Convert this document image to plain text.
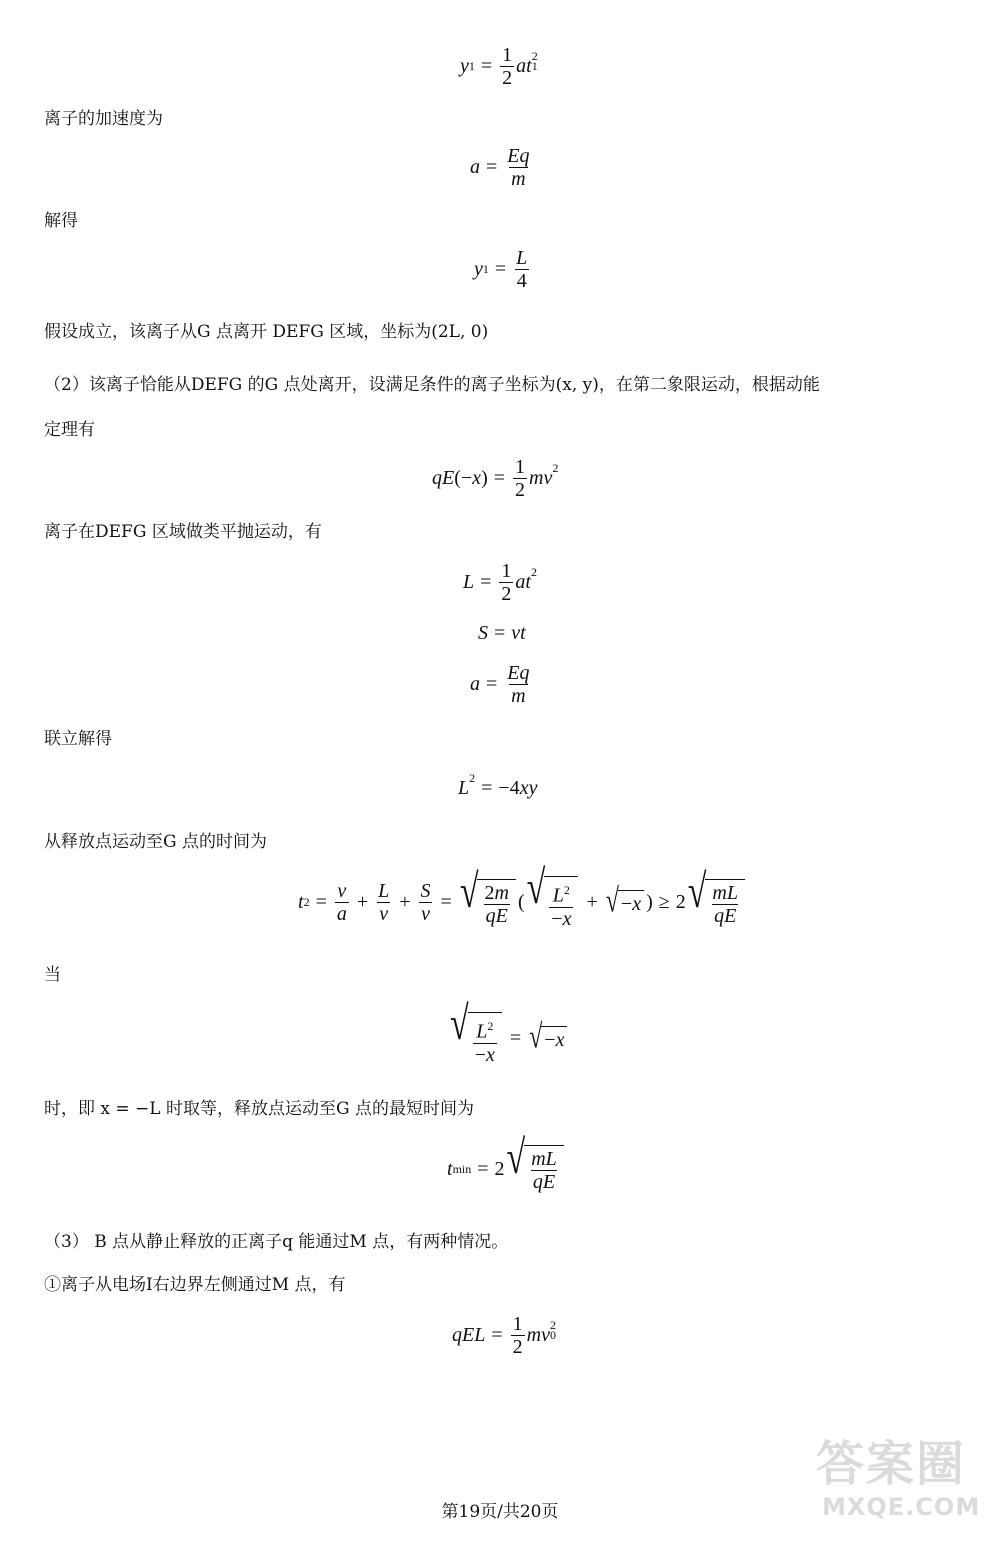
y $1 = \frac{1}{2}$ at 1
$^2$
离子的加速度为
$a = \frac{Eq}{m}$
解得
y $1 = \frac{L}{4}$
假设成立，该离子从G 点离开 DEFG 区域，坐标为(2L, 0)
（2）该离子恰能从DEFG 的G 点处离开，设满足条件的离子坐标为(x, y)，在第二象限运动，根据动能
定理有
qE (− x ) = $\frac{1}{2} mv^2$
离子在DEFG 区域做类平抛运动，有
$L = \frac{1}{2} at^2$
S = vt
$a = \frac{Eq}{m}$
联立解得
$L^2 = -4$ xy
从释放点运动至G 点的时间为
t $2 = \frac{v}{a} + \frac{L}{v} + \frac{S}{v}$ = √ $\frac{2m}{qE}$ ( √ $\frac{L^2}{-x}$ + √ − x ) ≥ 2 √ $\frac{mL}{qE}$
当
√ $\frac{L^2}{-x}$ = √ − x
时，即 x = −L 时取等，释放点运动至G 点的最短时间为
t min = 2 √ $\frac{mL}{qE}$
（3） B 点从静止释放的正离子q 能通过M 点，有两种情况。
①离子从电场Ⅰ右边界左侧通过M 点，有
qEL = $\frac{1}{2}$ mv 0
$^2$
第19页/共20页
答案圈
MXQE.COM
